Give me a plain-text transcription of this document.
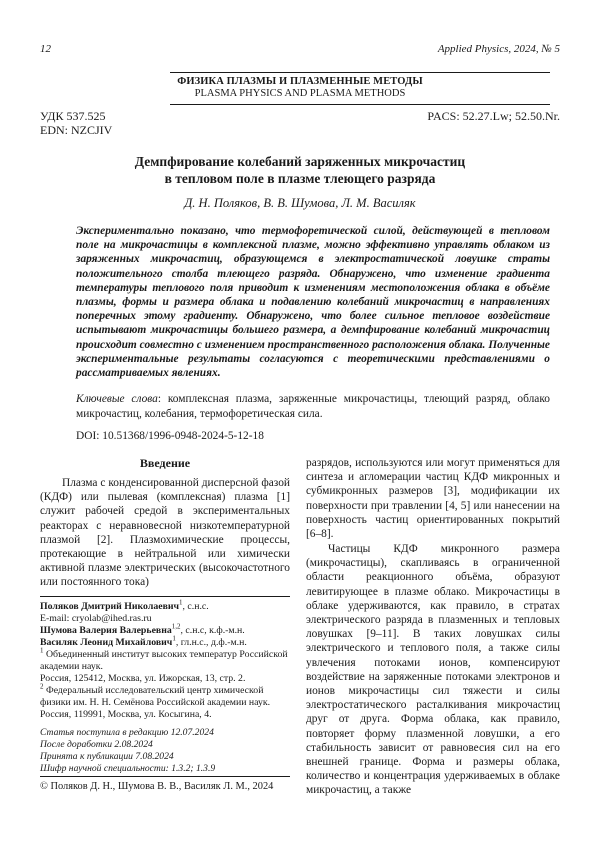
12	Applied Physics, 2024, № 5
ФИЗИКА ПЛАЗМЫ И ПЛАЗМЕННЫЕ МЕТОДЫ
PLASMA PHYSICS AND PLASMA METHODS
УДК 537.525
EDN: NZCJIV
PACS: 52.27.Lw; 52.50.Nr.
Демпфирование колебаний заряженных микрочастиц
в тепловом поле в плазме тлеющего разряда
Д. Н. Поляков, В. В. Шумова, Л. М. Василяк
Экспериментально показано, что термофоретической силой, действующей в тепловом поле на микрочастицы в комплексной плазме, можно эффективно управлять облаком из заряженных микрочастиц, образующемся в электростатической ловушке страты положительного столба тлеющего разряда. Обнаружено, что изменение градиента температуры теплового поля приводит к изменениям местоположения облака в объёме плазмы, формы и размера облака и подавлению колебаний микрочастиц в направлениях поперечных этому градиенту. Обнаружено, что более сильное тепловое воздействие испытывают микрочастицы большего размера, а демпфирование колебаний микрочастиц происходит совместно с изменением пространственного расположения облака. Полученные экспериментальные результаты согласуются с теоретическими представлениями о рассматриваемых явлениях.
Ключевые слова: комплексная плазма, заряженные микрочастицы, тлеющий разряд, облако микрочастиц, колебания, термофоретическая сила.
DOI: 10.51368/1996-0948-2024-5-12-18
Введение
Плазма с конденсированной дисперсной фазой (КДФ) или пылевая (комплексная) плазма [1] служит рабочей средой в экспериментальных реакторах с неравновесной низкотемпературной плазмой [2]. Плазмохимические процессы, протекающие в нейтральной или химически активной плазме электрических (высокочастотного или постоянного тока)
Поляков Дмитрий Николаевич$^1$, с.н.с.
E-mail: cryolab@ihed.ras.ru
Шумова Валерия Валерьевна$^{1,2}$, с.н.с, к.ф.-м.н.
Василяк Леонид Михайлович$^1$, гл.н.с., д.ф.-м.н.
$^1$ Объединенный институт высоких температур Российской академии наук.
Россия, 125412, Москва, ул. Ижорская, 13, стр. 2.
$^2$ Федеральный исследовательский центр химической физики им. Н. Н. Семёнова Российской академии наук.
Россия, 119991, Москва, ул. Косыгина, 4.
Статья поступила в редакцию 12.07.2024
После доработки 2.08.2024
Принята к публикации 7.08.2024
Шифр научной специальности: 1.3.2; 1.3.9
© Поляков Д. Н., Шумова В. В., Василяк Л. М., 2024
разрядов, используются или могут применяться для синтеза и агломерации частиц КДФ микронных и субмикронных размеров [3], модификации их поверхности при травлении [4, 5] или нанесении на поверхность частиц ориентированных покрытий [6–8].
Частицы КДФ микронного размера (микрочастицы), скапливаясь в ограниченной области реакционного объёма, образуют левитирующее в плазме облако. Микрочастицы в облаке удерживаются, как правило, в стратах электрического разряда в плазменных и тепловых ловушках [9–11]. В таких ловушках силы электрического и теплового поля, а также силы увлечения потоками ионов, компенсируют воздействие на заряженные потоками электронов и ионов микрочастицы сил тяжести и силы электростатического расталкивания микрочастиц друг от друга. Форма облака, как правило, повторяет форму плазменной ловушки, а его стабильность зависит от равновесия сил на его внешней границе. Форма и размеры облака, количество и концентрация удерживаемых в облаке микрочастиц, а также
